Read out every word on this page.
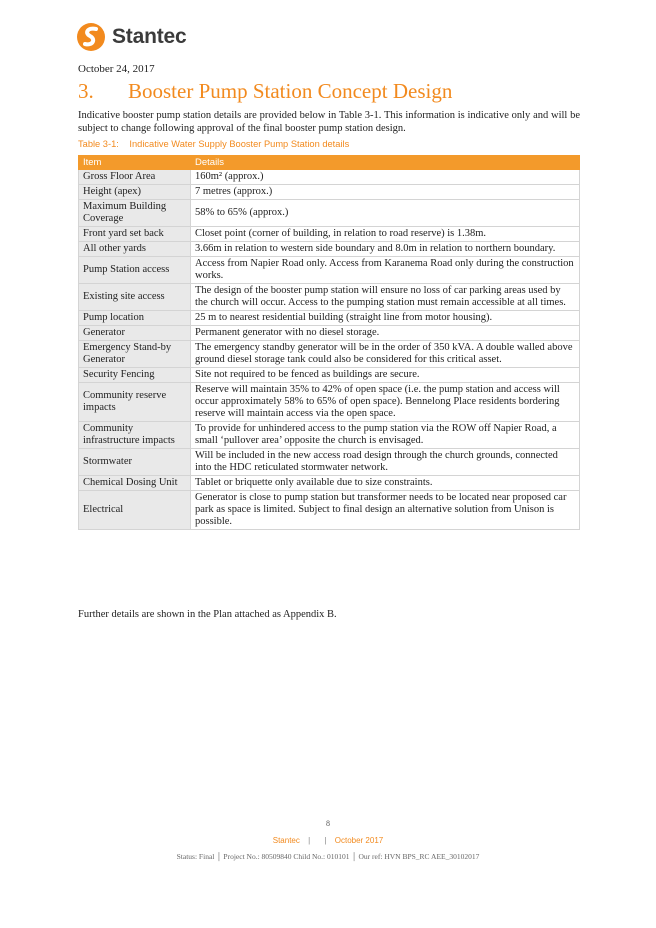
Stantec
October 24, 2017
3.	Booster Pump Station Concept Design
Indicative booster pump station details are provided below in Table 3-1. This information is indicative only and will be subject to change following approval of the final booster pump station design.
Table 3-1: Indicative Water Supply Booster Pump Station details
Item	Details
Gross Floor Area	160m² (approx.)
Height (apex)	7 metres (approx.)
Maximum Building Coverage	58% to 65% (approx.)
Front yard set back	Closet point (corner of building, in relation to road reserve) is 1.38m.
All other yards	3.66m in relation to western side boundary and 8.0m in relation to northern boundary.
Pump Station access	Access from Napier Road only. Access from Karanema Road only during the construction works.
Existing site access	The design of the booster pump station will ensure no loss of car parking areas used by the church will occur. Access to the pumping station must remain accessible at all times.
Pump location	25 m to nearest residential building (straight line from motor housing).
Generator	Permanent generator with no diesel storage.
Emergency Stand-by Generator	The emergency standby generator will be in the order of 350 kVA. A double walled above ground diesel storage tank could also be considered for this critical asset.
Security Fencing	Site not required to be fenced as buildings are secure.
Community reserve impacts	Reserve will maintain 35% to 42% of open space (i.e. the pump station and access will occur approximately 58% to 65% of open space). Bennelong Place residents bordering reserve will maintain access via the open space.
Community infrastructure impacts	To provide for unhindered access to the pump station via the ROW off Napier Road, a small ‘pullover area’ opposite the church is envisaged.
Stormwater	Will be included in the new access road design through the church grounds, connected into the HDC reticulated stormwater network.
Chemical Dosing Unit	Tablet or briquette only available due to size constraints.
Electrical	Generator is close to pump station but transformer needs to be located near proposed car park as space is limited. Subject to final design an alternative solution from Unison is possible.
Further details are shown in the Plan attached as Appendix B.
8
Stantec | | October 2017
Status: Final │ Project No.: 80509840 Child No.: 010101 │ Our ref: HVN BPS_RC AEE_30102017
